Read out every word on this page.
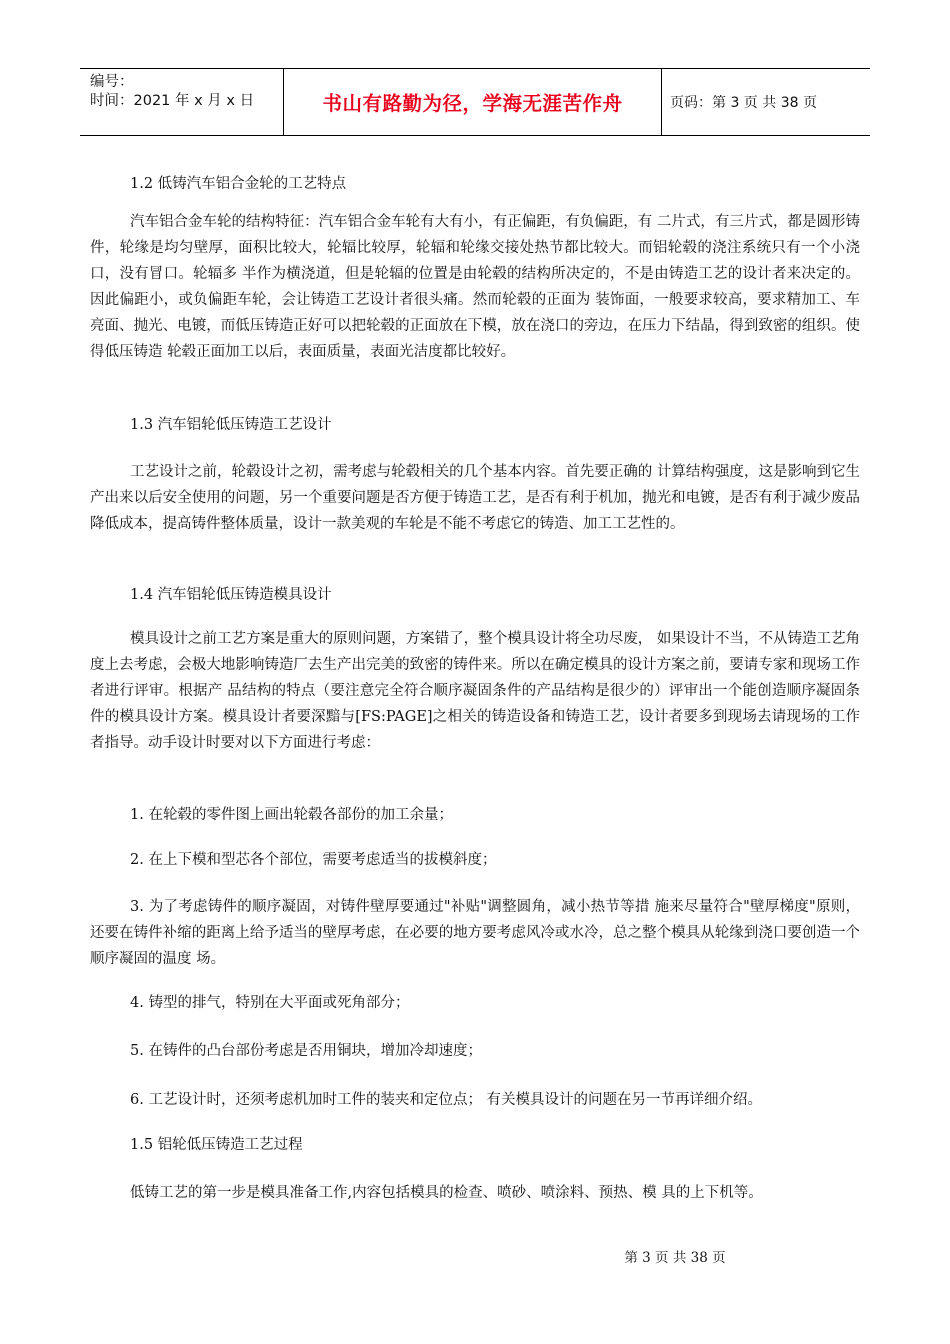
编号：
时间：2021 年 x 月 x 日	书山有路勤为径，学海无涯苦作舟	页码：第 3 页 共 38 页
1.2 低铸汽车铝合金轮的工艺特点
汽车铝合金车轮的结构特征：汽车铝合金车轮有大有小，有正偏距，有负偏距，有 二片式，有三片式，都是圆形铸件，轮缘是均匀壁厚，面积比较大，轮辐比较厚，轮辐和轮缘交接处热节都比较大。而铝轮毂的浇注系统只有一个小浇口，没有冒口。轮辐多 半作为横浇道，但是轮辐的位置是由轮毂的结构所决定的，不是由铸造工艺的设计者来决定的。因此偏距小，或负偏距车轮，会让铸造工艺设计者很头痛。然而轮毂的正面为 装饰面，一般要求较高，要求精加工、车亮面、抛光、电镀，而低压铸造正好可以把轮毂的正面放在下模，放在浇口的旁边，在压力下结晶，得到致密的组织。使得低压铸造 轮毂正面加工以后，表面质量，表面光洁度都比较好。
1.3 汽车铝轮低压铸造工艺设计
工艺设计之前，轮毂设计之初，需考虑与轮毂相关的几个基本内容。首先要正确的 计算结构强度，这是影响到它生产出来以后安全使用的问题，另一个重要问题是否方便于铸造工艺，是否有利于机加，抛光和电镀，是否有利于减少废品降低成本，提高铸件整体质量，设计一款美观的车轮是不能不考虑它的铸造、加工工艺性的。
1.4 汽车铝轮低压铸造模具设计
模具设计之前工艺方案是重大的原则问题，方案错了，整个模具设计将全功尽废， 如果设计不当，不从铸造工艺角度上去考虑，会极大地影响铸造厂去生产出完美的致密的铸件来。所以在确定模具的设计方案之前，要请专家和现场工作者进行评审。根据产 品结构的特点（要注意完全符合顺序凝固条件的产品结构是很少的）评审出一个能创造顺序凝固条件的模具设计方案。模具设计者要深黯与[FS:PAGE]之相关的铸造设备和铸造工艺，设计者要多到现场去请现场的工作者指导。动手设计时要对以下方面进行考虑：
1. 在轮毂的零件图上画出轮毂各部份的加工余量；
2. 在上下模和型芯各个部位，需要考虑适当的拔模斜度；
3. 为了考虑铸件的顺序凝固，对铸件壁厚要通过"补贴"调整圆角，减小热节等措 施来尽量符合"壁厚梯度"原则，还要在铸件补缩的距离上给予适当的壁厚考虑，在必要的地方要考虑风冷或水冷，总之整个模具从轮缘到浇口要创造一个顺序凝固的温度 场。
4. 铸型的排气，特别在大平面或死角部分；
5. 在铸件的凸台部份考虑是否用铜块，增加冷却速度；
6. 工艺设计时，还须考虑机加时工件的装夹和定位点； 有关模具设计的问题在另一节再详细介绍。
1.5 铝轮低压铸造工艺过程
低铸工艺的第一步是模具准备工作,内容包括模具的检查、喷砂、喷涂料、预热、模 具的上下机等。
第 3 页 共 38 页
